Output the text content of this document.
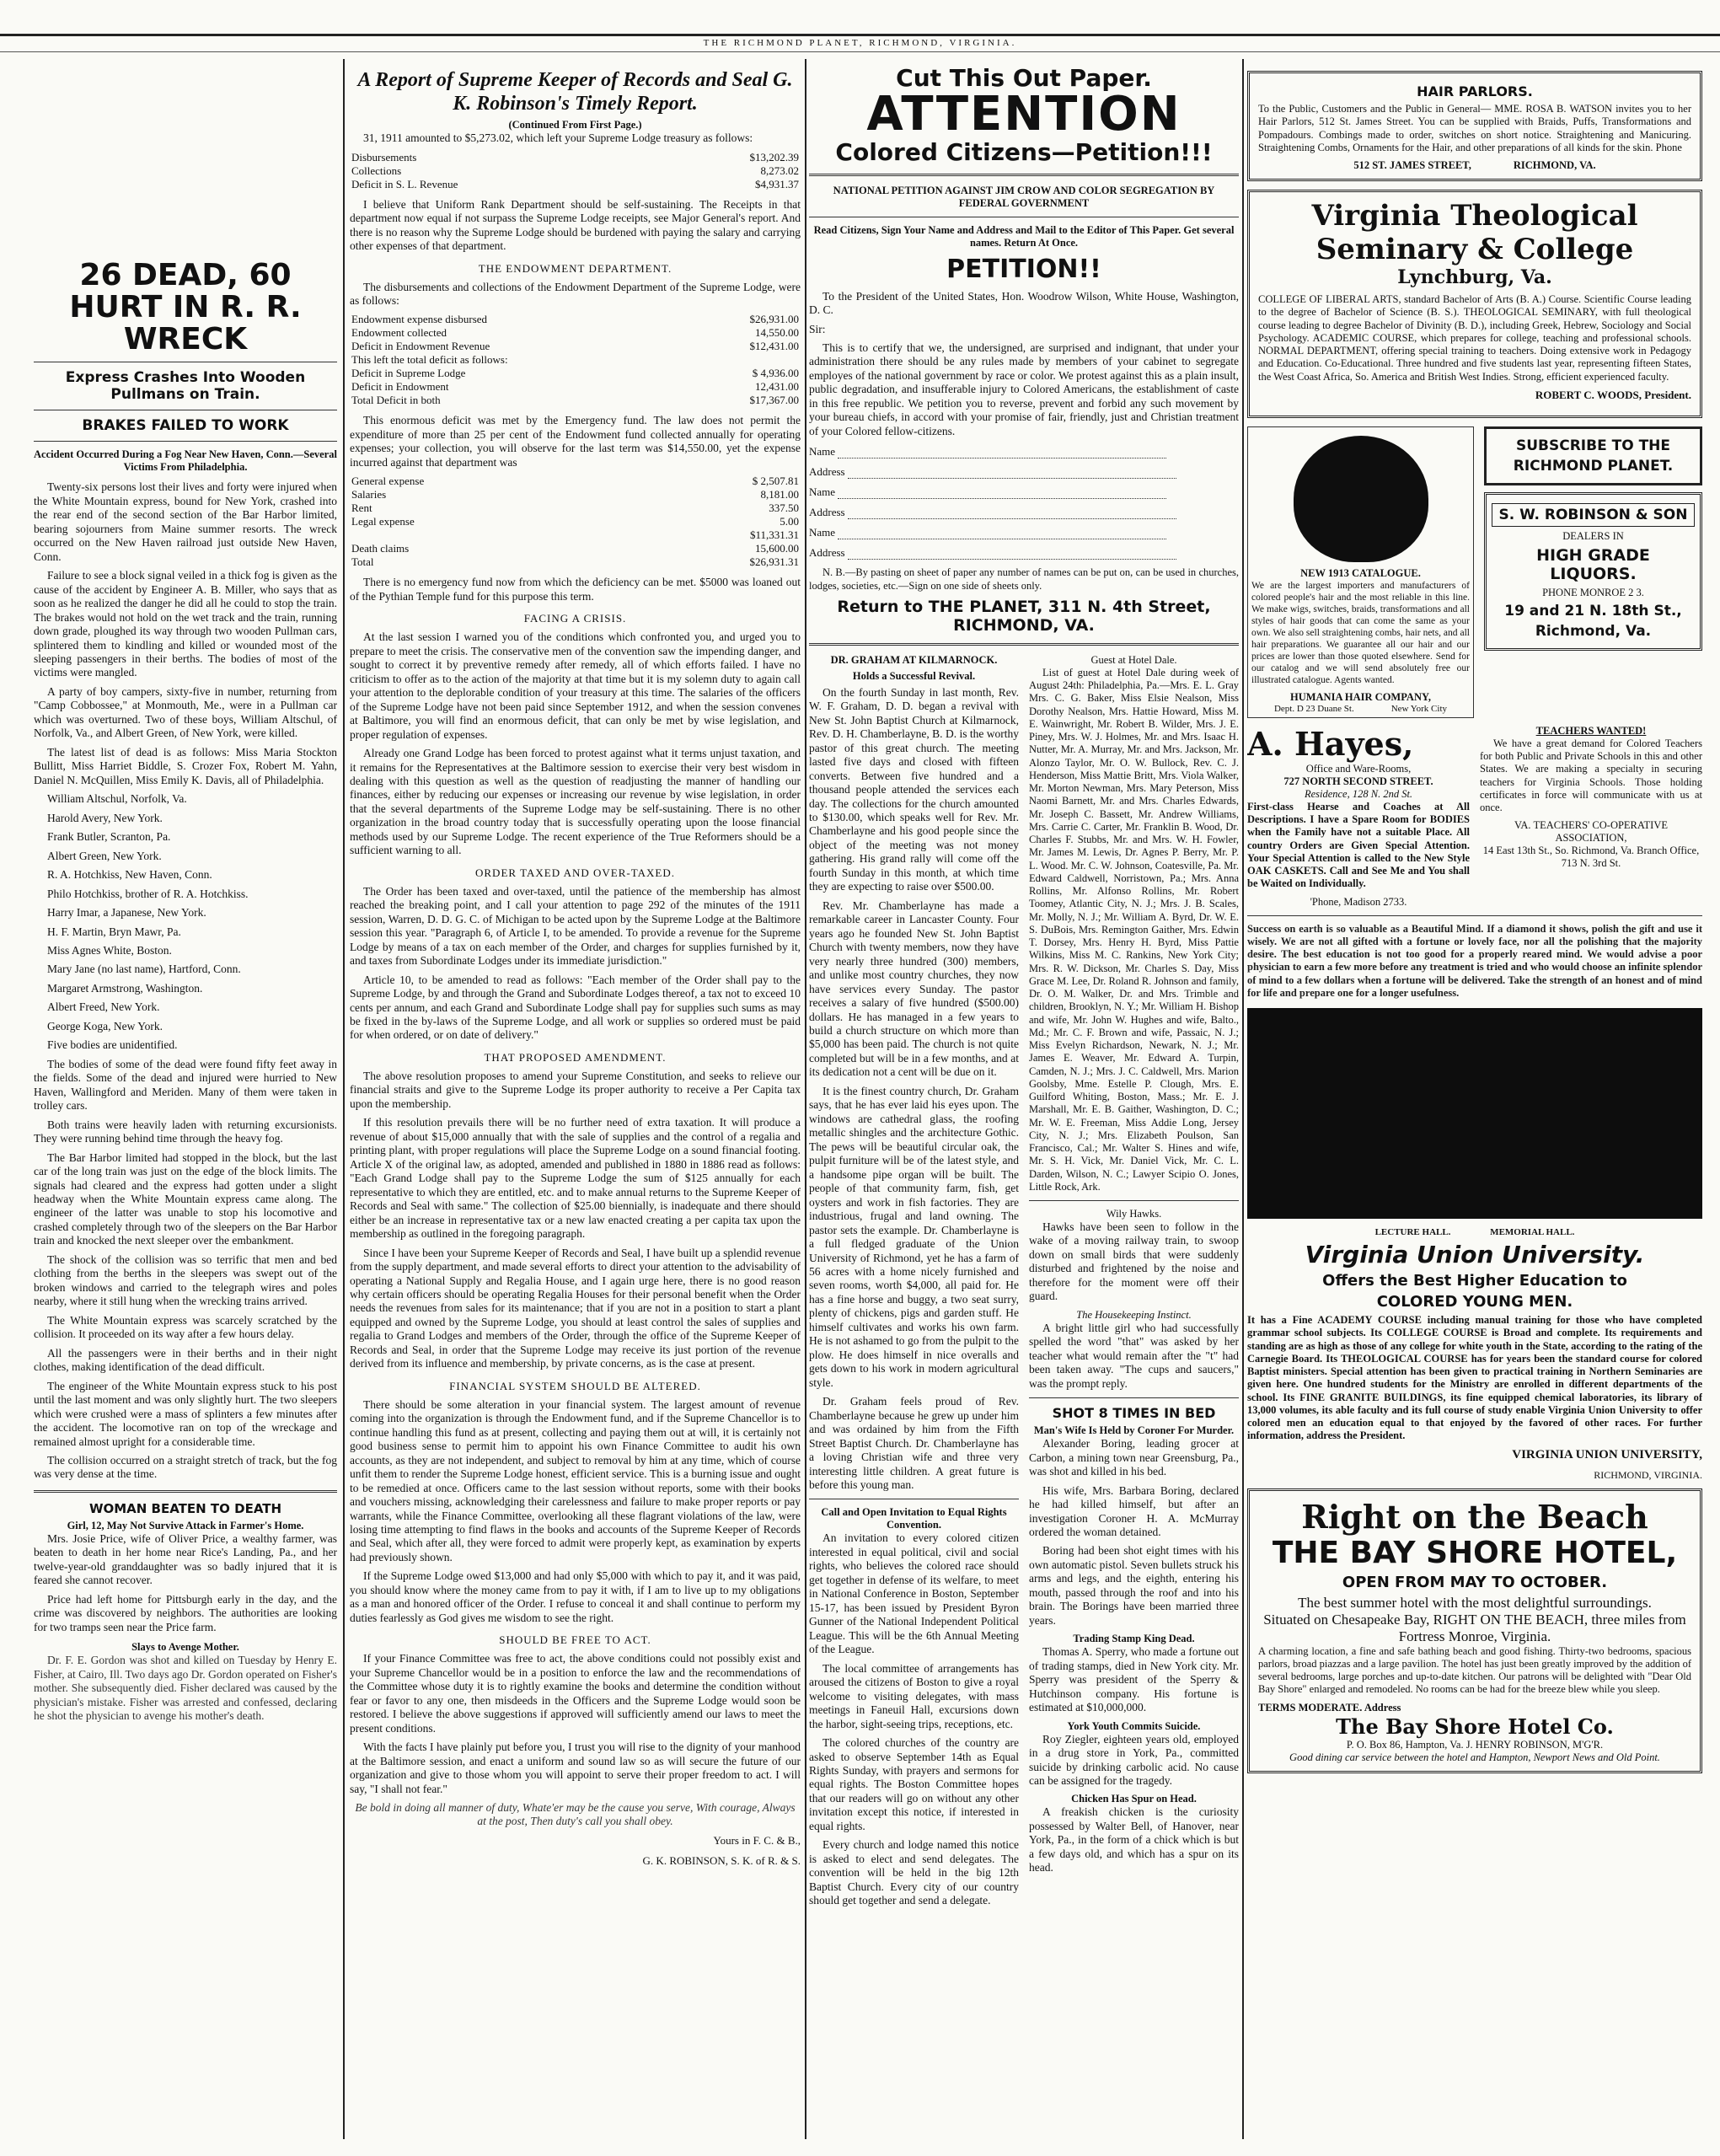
THE RICHMOND PLANET, RICHMOND, VIRGINIA.
26 DEAD, 60 HURT IN R. R. WRECK
Express Crashes Into Wooden Pullmans on Train.
BRAKES FAILED TO WORK
Accident Occurred During a Fog Near New Haven, Conn.—Several Victims From Philadelphia.

Twenty-six persons lost their lives and forty were injured when the White Mountain express, bound for New York, crashed into the rear end of the second section of the Bar Harbor limited, bearing sojourners from Maine summer resorts. The wreck occurred on the New Haven railroad just outside New Haven, Conn.

Failure to see a block signal veiled in a thick fog is given as the cause of the accident by Engineer A. B. Miller, who says that as soon as he realized the danger he did all he could to stop the train. The brakes would not hold on the wet track and the train, running down grade, ploughed its way through two wooden Pullman cars, splintered them to kindling and killed or wounded most of the sleeping passengers in their berths. The bodies of most of the victims were mangled.

A party of boy campers, sixty-five in number, returning from "Camp Cobbossee," at Monmouth, Me., were in a Pullman car which was overturned. Two of these boys, William Altschul, of Norfolk, Va., and Albert Green, of New York, were killed.

The latest list of dead is as follows: Miss Maria Stockton Bullitt, Miss Harriet Biddle, S. Crozer Fox, Robert M. Yahn, Daniel N. McQuillen, Miss Emily K. Davis, all of Philadelphia.

William Altschul, Norfolk, Va.

Harold Avery, New York.

Frank Butler, Scranton, Pa.

Albert Green, New York.

R. A. Hotchkiss, New Haven, Conn.

Philo Hotchkiss, brother of R. A. Hotchkiss.

Harry Imar, a Japanese, New York.

H. F. Martin, Bryn Mawr, Pa.

Miss Agnes White, Boston.

Mary Jane (no last name), Hartford, Conn.

Margaret Armstrong, Washington.

Albert Freed, New York.

George Koga, New York.

Five bodies are unidentified.

The bodies of some of the dead were found fifty feet away in the fields. Some of the dead and injured were hurried to New Haven, Wallingford and Meriden. Many of them were taken in trolley cars.

Both trains were heavily laden with returning excursionists. They were running behind time through the heavy fog.

The Bar Harbor limited had stopped in the block, but the last car of the long train was just on the edge of the block limits. The signals had cleared and the express had gotten under a slight headway when the White Mountain express came along. The engineer of the latter was unable to stop his locomotive and crashed completely through two of the sleepers on the Bar Harbor train and knocked the next sleeper over the embankment.

The shock of the collision was so terrific that men and bed clothing from the berths in the sleepers was swept out of the broken windows and carried to the telegraph wires and poles nearby, where it still hung when the wrecking trains arrived.

The White Mountain express was scarcely scratched by the collision. It proceeded on its way after a few hours delay.

All the passengers were in their berths and in their night clothes, making identification of the dead difficult.

The engineer of the White Mountain express stuck to his post until the last moment and was only slightly hurt. The two sleepers which were crushed were a mass of splinters a few minutes after the accident. The locomotive ran on top of the wreckage and remained almost upright for a considerable time.

The collision occurred on a straight stretch of track, but the fog was very dense at the time.

WOMAN BEATEN TO DEATH
Girl, 12, May Not Survive Attack in Farmer's Home.

Mrs. Josie Price, wife of Oliver Price, a wealthy farmer, was beaten to death in her home near Rice's Landing, Pa., and her twelve-year-old granddaughter was so badly injured that it is feared she cannot recover.

Price had left home for Pittsburgh early in the day, and the crime was discovered by neighbors. The authorities are looking for two tramps seen near the Price farm.

Slays to Avenge Mother.

Dr. F. E. Gordon was shot and killed on Tuesday by Henry E. Fisher, at Cairo, Ill. Two days ago Dr. Gordon operated on Fisher's mother. She subsequently died. Fisher declared was caused by the physician's mistake. Fisher was arrested and confessed, declaring he shot the physician to avenge his mother's death.

A Report of Supreme Keeper of Records and Seal G. K. Robinson's Timely Report.
(Continued From First Page.)

31, 1911 amounted to $5,273.02, which left your Supreme Lodge treasury as follows:

Disbursements	$13,202.39
Collections	8,273.02
Deficit in S. L. Revenue	$4,931.37

I believe that Uniform Rank Department should be self-sustaining. The Receipts in that department now equal if not surpass the Supreme Lodge receipts, see Major General's report. And there is no reason why the Supreme Lodge should be burdened with paying the salary and carrying other expenses of that department.

THE ENDOWMENT DEPARTMENT.

The disbursements and collections of the Endowment Department of the Supreme Lodge, were as follows:

Endowment expense disbursed	$26,931.00
Endowment collected	14,550.00
Deficit in Endowment Revenue	$12,431.00
This left the total deficit as follows:	
Deficit in Supreme Lodge	$ 4,936.00
Deficit in Endowment	12,431.00
Total Deficit in both	$17,367.00

This enormous deficit was met by the Emergency fund. The law does not permit the expenditure of more than 25 per cent of the Endowment fund collected annually for operating expenses; your collection, you will observe for the last term was $14,550.00, yet the expense incurred against that department was

General expense	$ 2,507.81
Salaries	8,181.00
Rent	337.50
Legal expense	5.00
	$11,331.31
Death claims	15,600.00
Total	$26,931.31

There is no emergency fund now from which the deficiency can be met. $5000 was loaned out of the Pythian Temple fund for this purpose this term.

FACING A CRISIS.

At the last session I warned you of the conditions which confronted you, and urged you to prepare to meet the crisis. The conservative men of the convention saw the impending danger, and sought to correct it by preventive remedy after remedy, all of which efforts failed. I have no criticism to offer as to the action of the majority at that time but it is my solemn duty to again call your attention to the deplorable condition of your treasury at this time. The salaries of the officers of the Supreme Lodge have not been paid since September 1912, and when the session convenes at Baltimore, you will find an enormous deficit, that can only be met by wise legislation, and proper regulation of expenses.

Already one Grand Lodge has been forced to protest against what it terms unjust taxation, and it remains for the Representatives at the Baltimore session to exercise their very best wisdom in dealing with this question as well as the question of readjusting the manner of handling our finances, either by reducing our expenses or increasing our revenue by wise legislation, in order that the several departments of the Supreme Lodge may be self-sustaining. There is no other organization in the broad country today that is successfully operating upon the loose financial methods used by our Supreme Lodge. The recent experience of the True Reformers should be a sufficient warning to all.

ORDER TAXED AND OVER-TAXED.

The Order has been taxed and over-taxed, until the patience of the membership has almost reached the breaking point, and I call your attention to page 292 of the minutes of the 1911 session, Warren, D. D. G. C. of Michigan to be acted upon by the Supreme Lodge at the Baltimore session this year. "Paragraph 6, of Article I, to be amended. To provide a revenue for the Supreme Lodge by means of a tax on each member of the Order, and charges for supplies furnished by it, and taxes from Subordinate Lodges under its immediate jurisdiction."

Article 10, to be amended to read as follows: "Each member of the Order shall pay to the Supreme Lodge, by and through the Grand and Subordinate Lodges thereof, a tax not to exceed 10 cents per annum, and each Grand and Subordinate Lodge shall pay for supplies such sums as may be fixed in the by-laws of the Supreme Lodge, and all work or supplies so ordered must be paid for when ordered, or on date of delivery."

THAT PROPOSED AMENDMENT.

The above resolution proposes to amend your Supreme Constitution, and seeks to relieve our financial straits and give to the Supreme Lodge its proper authority to receive a Per Capita tax upon the membership.

If this resolution prevails there will be no further need of extra taxation. It will produce a revenue of about $15,000 annually that with the sale of supplies and the control of a regalia and printing plant, with proper regulations will place the Supreme Lodge on a sound financial footing. Article X of the original law, as adopted, amended and published in 1880 in 1886 read as follows: "Each Grand Lodge shall pay to the Supreme Lodge the sum of $125 annually for each representative to which they are entitled, etc. and to make annual returns to the Supreme Keeper of Records and Seal with same." The collection of $25.00 biennially, is inadequate and there should either be an increase in representative tax or a new law enacted creating a per capita tax upon the membership as outlined in the foregoing paragraph.

Since I have been your Supreme Keeper of Records and Seal, I have built up a splendid revenue from the supply department, and made several efforts to direct your attention to the advisability of operating a National Supply and Regalia House, and I again urge here, there is no good reason why certain officers should be operating Regalia Houses for their personal benefit when the Order needs the revenues from sales for its maintenance; that if you are not in a position to start a plant equipped and owned by the Supreme Lodge, you should at least control the sales of supplies and regalia to Grand Lodges and members of the Order, through the office of the Supreme Keeper of Records and Seal, in order that the Supreme Lodge may receive its just portion of the revenue derived from its influence and membership, by private concerns, as is the case at present.

FINANCIAL SYSTEM SHOULD BE ALTERED.

There should be some alteration in your financial system. The largest amount of revenue coming into the organization is through the Endowment fund, and if the Supreme Chancellor is to continue handling this fund as at present, collecting and paying them out at will, it is certainly not good business sense to permit him to appoint his own Finance Committee to audit his own accounts, as they are not independent, and subject to removal by him at any time, which of course unfit them to render the Supreme Lodge honest, efficient service. This is a burning issue and ought to be remedied at once. Officers came to the last session without reports, some with their books and vouchers missing, acknowledging their carelessness and failure to make proper reports or pay warrants, while the Finance Committee, overlooking all these flagrant violations of the law, were losing time attempting to find flaws in the books and accounts of the Supreme Keeper of Records and Seal, which after all, they were forced to admit were properly kept, as examination by experts had previously shown.

If the Supreme Lodge owed $13,000 and had only $5,000 with which to pay it, and it was paid, you should know where the money came from to pay it with, if I am to live up to my obligations as a man and honored officer of the Order. I refuse to conceal it and shall continue to perform my duties fearlessly as God gives me wisdom to see the right.

SHOULD BE FREE TO ACT.

If your Finance Committee was free to act, the above conditions could not possibly exist and your Supreme Chancellor would be in a position to enforce the law and the recommendations of the Committee whose duty it is to rightly examine the books and determine the condition without fear or favor to any one, then misdeeds in the Officers and the Supreme Lodge would soon be restored. I believe the above suggestions if approved will sufficiently amend our laws to meet the present conditions.

With the facts I have plainly put before you, I trust you will rise to the dignity of your manhood at the Baltimore session, and enact a uniform and sound law so as will secure the future of our organization and give to those whom you will appoint to serve their proper freedom to act. I will say, "I shall not fear."

Be bold in doing all manner of duty, Whate'er may be the cause you serve, With courage, Always at the post, Then duty's call you shall obey.

Yours in F. C. & B.,
G. K. ROBINSON, S. K. of R. & S.
Cut This Out Paper.
ATTENTION
Colored Citizens—Petition!!!
NATIONAL PETITION AGAINST JIM CROW AND COLOR SEGREGATION BY FEDERAL GOVERNMENT

Read Citizens, Sign Your Name and Address and Mail to the Editor of This Paper. Get several names. Return At Once.

PETITION!!

To the President of the United States, Hon. Woodrow Wilson, White House, Washington, D. C.

Sir:

This is to certify that we, the undersigned, are surprised and indignant, that under your administration there should be any rules made by members of your cabinet to segregate employes of the national government by race or color. We protest against this as a plain insult, public degradation, and insufferable injury to Colored Americans, the establishment of caste in this free republic. We petition you to reverse, prevent and forbid any such movement by your bureau chiefs, in accord with your promise of fair, friendly, just and Christian treatment of your Colored fellow-citizens.

Name
Address
Name
Address
Name
Address

N. B.—By pasting on sheet of paper any number of names can be put on, can be used in churches, lodges, societies, etc.—Sign on one side of sheets only.

Return to THE PLANET, 311 N. 4th Street, RICHMOND, VA.
DR. GRAHAM AT KILMARNOCK.
Holds a Successful Revival.

On the fourth Sunday in last month, Rev. W. F. Graham, D. D. began a revival with New St. John Baptist Church at Kilmarnock, Rev. D. H. Chamberlayne, B. D. is the worthy pastor of this great church. The meeting lasted five days and closed with fifteen converts. Between five hundred and a thousand people attended the services each day. The collections for the church amounted to $130.00, which speaks well for Rev. Mr. Chamberlayne and his good people since the object of the meeting was not money gathering. His grand rally will come off the fourth Sunday in this month, at which time they are expecting to raise over $500.00.

Rev. Mr. Chamberlayne has made a remarkable career in Lancaster County. Four years ago he founded New St. John Baptist Church with twenty members, now they have very nearly three hundred (300) members, and unlike most country churches, they now have services every Sunday. The pastor receives a salary of five hundred ($500.00) dollars. He has managed in a few years to build a church structure on which more than $5,000 has been paid. The church is not quite completed but will be in a few months, and at its dedication not a cent will be due on it.

It is the finest country church, Dr. Graham says, that he has ever laid his eyes upon. The windows are cathedral glass, the roofing metallic shingles and the architecture Gothic. The pews will be beautiful circular oak, the pulpit furniture will be of the latest style, and a handsome pipe organ will be built. The people of that community farm, fish, get oysters and work in fish factories. They are industrious, frugal and land owning. The pastor sets the example. Dr. Chamberlayne is a full fledged graduate of the Union University of Richmond, yet he has a farm of 56 acres with a home nicely furnished and seven rooms, worth $4,000, all paid for. He has a fine horse and buggy, a two seat surry, plenty of chickens, pigs and garden stuff. He himself cultivates and works his own farm. He is not ashamed to go from the pulpit to the plow. He does himself in nice overalls and gets down to his work in modern agricultural style.

Dr. Graham feels proud of Rev. Chamberlayne because he grew up under him and was ordained by him from the Fifth Street Baptist Church. Dr. Chamberlayne has a loving Christian wife and three very interesting little children. A great future is before this young man.

Call and Open Invitation to Equal Rights Convention.

An invitation to every colored citizen interested in equal political, civil and social rights, who believes the colored race should get together in defense of its welfare, to meet in National Conference in Boston, September 15-17, has been issued by President Byron Gunner of the National Independent Political League. This will be the 6th Annual Meeting of the League.

The local committee of arrangements has aroused the citizens of Boston to give a royal welcome to visiting delegates, with mass meetings in Faneuil Hall, excursions down the harbor, sight-seeing trips, receptions, etc.

The colored churches of the country are asked to observe September 14th as Equal Rights Sunday, with prayers and sermons for equal rights. The Boston Committee hopes that our readers will go on without any other invitation except this notice, if interested in equal rights.

Every church and lodge named this notice is asked to elect and send delegates. The convention will be held in the big 12th Baptist Church. Every city of our country should get together and send a delegate.

Guest at Hotel Dale.

List of guest at Hotel Dale during week of August 24th: Philadelphia, Pa.—Mrs. E. L. Gray Mrs. C. G. Baker, Miss Elsie Nealson, Miss Dorothy Nealson, Mrs. Hattie Howard, Miss M. E. Wainwright, Mr. Robert B. Wilder, Mrs. J. E. Piney, Mrs. W. J. Holmes, Mr. and Mrs. Isaac H. Nutter, Mr. A. Murray, Mr. and Mrs. Jackson, Mr. Alonzo Taylor, Mr. O. W. Bullock, Rev. C. J. Henderson, Miss Mattie Britt, Mrs. Viola Walker, Mr. Morton Newman, Mrs. Mary Peterson, Miss Naomi Barnett, Mr. and Mrs. Charles Edwards, Mr. Joseph C. Bassett, Mr. Andrew Williams, Mrs. Carrie C. Carter, Mr. Franklin B. Wood, Dr. Charles F. Stubbs, Mr. and Mrs. W. H. Fowler, Mr. James M. Lewis, Dr. Agnes P. Berry, Mr. P. L. Wood. Mr. C. W. Johnson, Coatesville, Pa. Mr. Edward Caldwell, Norristown, Pa.; Mrs. Anna Rollins, Mr. Alfonso Rollins, Mr. Robert Toomey, Atlantic City, N. J.; Mrs. J. B. Scales, Mr. Molly, N. J.; Mr. William A. Byrd, Dr. W. E. S. DuBois, Mrs. Remington Gaither, Mrs. Edwin T. Dorsey, Mrs. Henry H. Byrd, Miss Pattie Wilkins, Miss M. C. Rankins, New York City; Mrs. R. W. Dickson, Mr. Charles S. Day, Miss Grace M. Lee, Dr. Roland R. Johnson and family, Dr. O. M. Walker, Dr. and Mrs. Trimble and children, Brooklyn, N. Y.; Mr. William H. Bishop and wife, Mr. John W. Hughes and wife, Balto., Md.; Mr. C. F. Brown and wife, Passaic, N. J.; Miss Evelyn Richardson, Newark, N. J.; Mr. James E. Weaver, Mr. Edward A. Turpin, Camden, N. J.; Mrs. J. C. Caldwell, Mrs. Marion Goolsby, Mme. Estelle P. Clough, Mrs. E. Guilford Whiting, Boston, Mass.; Mr. E. J. Marshall, Mr. E. B. Gaither, Washington, D. C.; Mr. W. E. Freeman, Miss Addie Long, Jersey City, N. J.; Mrs. Elizabeth Poulson, San Francisco, Cal.; Mr. Walter S. Hines and wife, Mr. S. H. Vick, Mr. Daniel Vick, Mr. C. L. Darden, Wilson, N. C.; Lawyer Scipio O. Jones, Little Rock, Ark.

Wily Hawks.

Hawks have been seen to follow in the wake of a moving railway train, to swoop down on small birds that were suddenly disturbed and frightened by the noise and therefore for the moment were off their guard.

The Housekeeping Instinct.

A bright little girl who had successfully spelled the word "that" was asked by her teacher what would remain after the "t" had been taken away. "The cups and saucers," was the prompt reply.

SHOT 8 TIMES IN BED
Man's Wife Is Held by Coroner For Murder.

Alexander Boring, leading grocer at Carbon, a mining town near Greensburg, Pa., was shot and killed in his bed.

His wife, Mrs. Barbara Boring, declared he had killed himself, but after an investigation Coroner H. A. McMurray ordered the woman detained.

Boring had been shot eight times with his own automatic pistol. Seven bullets struck his arms and legs, and the eighth, entering his mouth, passed through the roof and into his brain. The Borings have been married three years.

Trading Stamp King Dead.

Thomas A. Sperry, who made a fortune out of trading stamps, died in New York city. Mr. Sperry was president of the Sperry & Hutchinson company. His fortune is estimated at $10,000,000.

York Youth Commits Suicide.

Roy Ziegler, eighteen years old, employed in a drug store in York, Pa., committed suicide by drinking carbolic acid. No cause can be assigned for the tragedy.

Chicken Has Spur on Head.

A freakish chicken is the curiosity possessed by Walter Bell, of Hanover, near York, Pa., in the form of a chick which is but a few days old, and which has a spur on its head.

HAIR PARLORS.

To the Public, Customers and the Public in General— MME. ROSA B. WATSON invites you to her Hair Parlors, 512 St. James Street. You can be supplied with Braids, Puffs, Transformations and Pompadours. Combings made to order, switches on short notice. Straightening and Manicuring. Straightening Combs, Ornaments for the Hair, and other preparations of all kinds for the skin. Phone

512 ST. JAMES STREET,                RICHMOND, VA.
Virginia Theological
Seminary & College
Lynchburg, Va.

COLLEGE OF LIBERAL ARTS, standard Bachelor of Arts (B. A.) Course. Scientific Course leading to the degree of Bachelor of Science (B. S.). THEOLOGICAL SEMINARY, with full theological course leading to degree Bachelor of Divinity (B. D.), including Greek, Hebrew, Sociology and Social Psychology. ACADEMIC COURSE, which prepares for college, teaching and professional schools. NORMAL DEPARTMENT, offering special training to teachers. Doing extensive work in Pedagogy and Education. Co-Educational. Three hundred and five students last year, representing fifteen States, the West Coast Africa, So. America and British West Indies. Strong, efficient experienced faculty.

ROBERT C. WOODS, President.
NEW 1913 CATALOGUE.

We are the largest importers and manufacturers of colored people's hair and the most reliable in this line. We make wigs, switches, braids, transformations and all styles of hair goods that can come the same as your own. We also sell straightening combs, hair nets, and all hair preparations. We guarantee all our hair and our prices are lower than those quoted elsewhere. Send for our catalog and we will send absolutely free our illustrated catalogue. Agents wanted.

HUMANIA HAIR COMPANY,
Dept. D 23 Duane St.                New York City
SUBSCRIBE TO THE
RICHMOND PLANET.
S. W. ROBINSON & SON
DEALERS IN
HIGH GRADE LIQUORS.
PHONE MONROE 2 3.
19 and 21 N. 18th St.,
Richmond, Va.
A. Hayes,
Office and Ware-Rooms,
727 NORTH SECOND STREET.
Residence, 128 N. 2nd St.

First-class Hearse and Coaches at All Descriptions. I have a Spare Room for BODIES when the Family have not a suitable Place. All country Orders are Given Special Attention. Your Special Attention is called to the New Style OAK CASKETS. Call and See Me and You shall be Waited on Individually.

'Phone, Madison 2733.
TEACHERS WANTED!

We have a great demand for Colored Teachers for both Public and Private Schools in this and other States. We are making a specialty in securing teachers for Virginia Schools. Those holding certificates in force will communicate with us at once.

VA. TEACHERS' CO-OPERATIVE ASSOCIATION,
14 East 13th St., So. Richmond, Va. Branch Office, 713 N. 3rd St.

Success on earth is so valuable as a Beautiful Mind. If a diamond it shows, polish the gift and use it wisely. We are not all gifted with a fortune or lovely face, nor all the polishing that the majority desire. The best education is not too good for a properly reared mind. We would advise a poor physician to earn a few more before any treatment is tried and who would choose an infinite splendor of mind to a few dollars when a fortune will be delivered. Take the strength of an honest and of mind for life and prepare one for a longer usefulness.

LECTURE HALL.                 MEMORIAL HALL.
Virginia Union University.
Offers the Best Higher Education to
COLORED YOUNG MEN.

It has a Fine ACADEMY COURSE including manual training for those who have completed grammar school subjects. Its COLLEGE COURSE is Broad and complete. Its requirements and standing are as high as those of any college for white youth in the State, according to the rating of the Carnegie Board. Its THEOLOGICAL COURSE has for years been the standard course for colored Baptist ministers. Special attention has been given to practical training in Northern Seminaries are given here. One hundred students for the Ministry are enrolled in different departments of the school. Its FINE GRANITE BUILDINGS, its fine equipped chemical laboratories, its library of 13,000 volumes, its able faculty and its full course of study enable Virginia Union University to offer colored men an education equal to that enjoyed by the favored of other races. For further information, address the President.

VIRGINIA UNION UNIVERSITY,
RICHMOND, VIRGINIA.
Right on the Beach
THE BAY SHORE HOTEL,
OPEN FROM MAY TO OCTOBER.
The best summer hotel with the most delightful surroundings.
Situated on Chesapeake Bay, RIGHT ON THE BEACH, three miles from Fortress Monroe, Virginia.

A charming location, a fine and safe bathing beach and good fishing. Thirty-two bedrooms, spacious parlors, broad piazzas and a large pavilion. The hotel has just been greatly improved by the addition of several bedrooms, large porches and up-to-date kitchen. Our patrons will be delighted with "Dear Old Bay Shore" enlarged and remodeled. No rooms can be had for the breeze blew while you sleep.

TERMS MODERATE. Address
The Bay Shore Hotel Co.
P. O. Box 86, Hampton, Va. J. HENRY ROBINSON, M'G'R.
Good dining car service between the hotel and Hampton, Newport News and Old Point.
